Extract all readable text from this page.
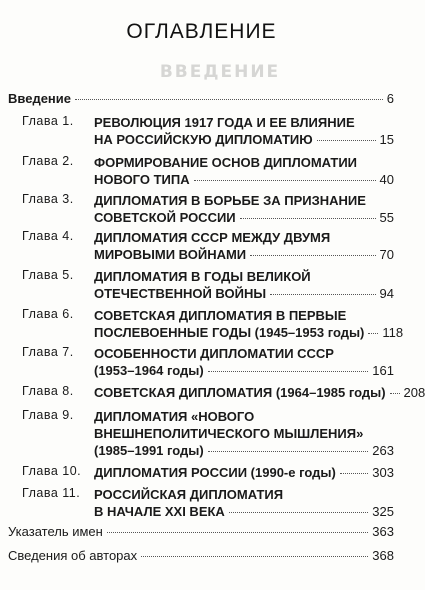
ВВЕДЕНИЕ
ОГЛАВЛЕНИЕ
Введение	6
Глава 1. РЕВОЛЮЦИЯ 1917 ГОДА И ЕЕ ВЛИЯНИЕ
НА РОССИЙСКУЮ ДИПЛОМАТИЮ	15
Глава 2. ФОРМИРОВАНИЕ ОСНОВ ДИПЛОМАТИИ
НОВОГО ТИПА	40
Глава 3. ДИПЛОМАТИЯ В БОРЬБЕ ЗА ПРИЗНАНИЕ
СОВЕТСКОЙ РОССИИ	55
Глава 4. ДИПЛОМАТИЯ СССР МЕЖДУ ДВУМЯ
МИРОВЫМИ ВОЙНАМИ	70
Глава 5. ДИПЛОМАТИЯ В ГОДЫ ВЕЛИКОЙ
ОТЕЧЕСТВЕННОЙ ВОЙНЫ	94
Глава 6. СОВЕТСКАЯ ДИПЛОМАТИЯ В ПЕРВЫЕ
ПОСЛЕВОЕННЫЕ ГОДЫ (1945–1953 годы) 118
Глава 7. ОСОБЕННОСТИ ДИПЛОМАТИИ СССР
(1953–1964 годы)	161
Глава 8. СОВЕТСКАЯ ДИПЛОМАТИЯ (1964–1985 годы) 208
Глава 9. ДИПЛОМАТИЯ «НОВОГО
ВНЕШНЕПОЛИТИЧЕСКОГО МЫШЛЕНИЯ»
(1985–1991 годы)	263
Глава 10. ДИПЛОМАТИЯ РОССИИ (1990-е годы)	303
Глава 11. РОССИЙСКАЯ ДИПЛОМАТИЯ
В НАЧАЛЕ XXI ВЕКА	325
Указатель имен	363
Сведения об авторах	368
